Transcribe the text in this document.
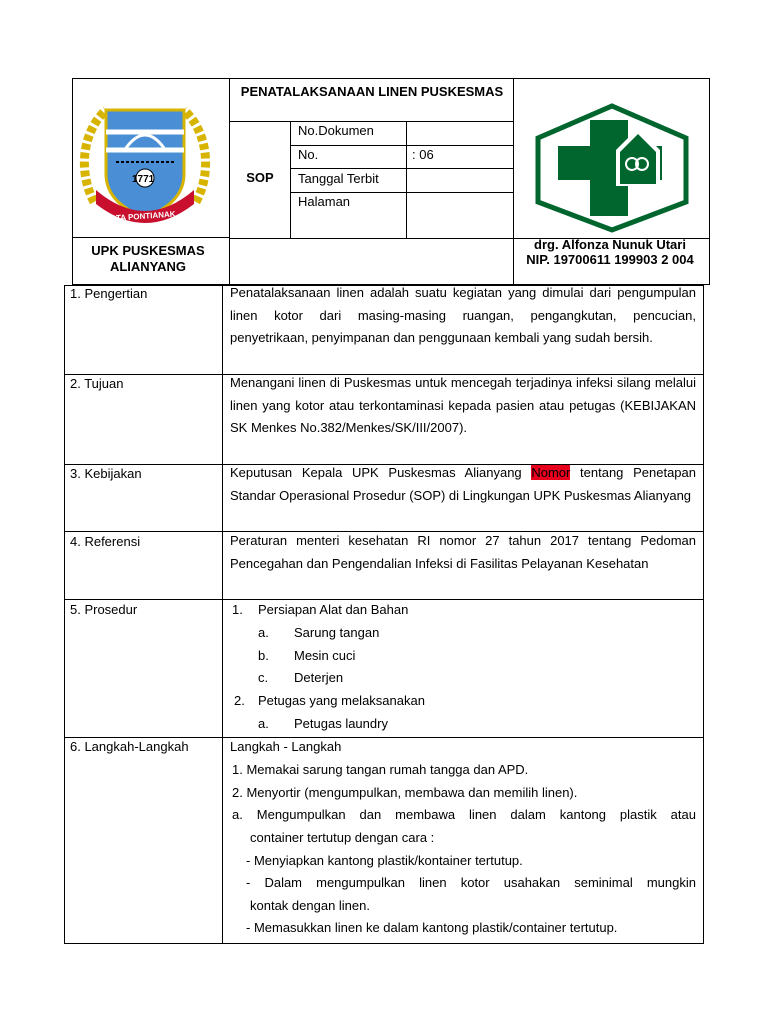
1771
KOTA PONTIANAK
PENATALAKSANAAN LINEN PUSKESMAS
SOP
No.Dokumen
No.	: 06
Tanggal Terbit
Halaman
UPK PUSKESMAS ALIANYANG
drg. Alfonza Nunuk Utari
NIP. 19700611 199903 2 004
1. Pengertian	Penatalaksanaan linen adalah suatu kegiatan yang dimulai dari pengumpulan linen kotor dari masing-masing ruangan, pengangkutan, pencucian, penyetrikaan, penyimpanan dan penggunaan kembali yang sudah bersih.
2. Tujuan	Menangani linen di Puskesmas untuk mencegah terjadinya infeksi silang melalui linen yang kotor atau terkontaminasi kepada pasien atau petugas (KEBIJAKAN SK Menkes No.382/Menkes/SK/III/2007).
3. Kebijakan	Keputusan Kepala UPK Puskesmas Alianyang Nomor tentang Penetapan Standar Operasional Prosedur (SOP) di Lingkungan UPK Puskesmas Alianyang
4. Referensi	Peraturan menteri kesehatan RI nomor 27 tahun 2017 tentang Pedoman Pencegahan dan Pengendalian Infeksi di Fasilitas Pelayanan Kesehatan
5. Prosedur	1. Persiapan Alat dan Bahan
a. Sarung tangan
b. Mesin cuci
c. Deterjen
2. Petugas yang melaksanakan
a. Petugas laundry
6. Langkah-Langkah	Langkah - Langkah
1. Memakai sarung tangan rumah tangga dan APD.
2. Menyortir (mengumpulkan, membawa dan memilih linen).
a. Mengumpulkan dan membawa linen dalam kantong plastik atau
container tertutup dengan cara :
- Menyiapkan kantong plastik/kontainer tertutup.
- Dalam mengumpulkan linen kotor usahakan seminimal mungkin
kontak dengan linen.
- Memasukkan linen ke dalam kantong plastik/container tertutup.
